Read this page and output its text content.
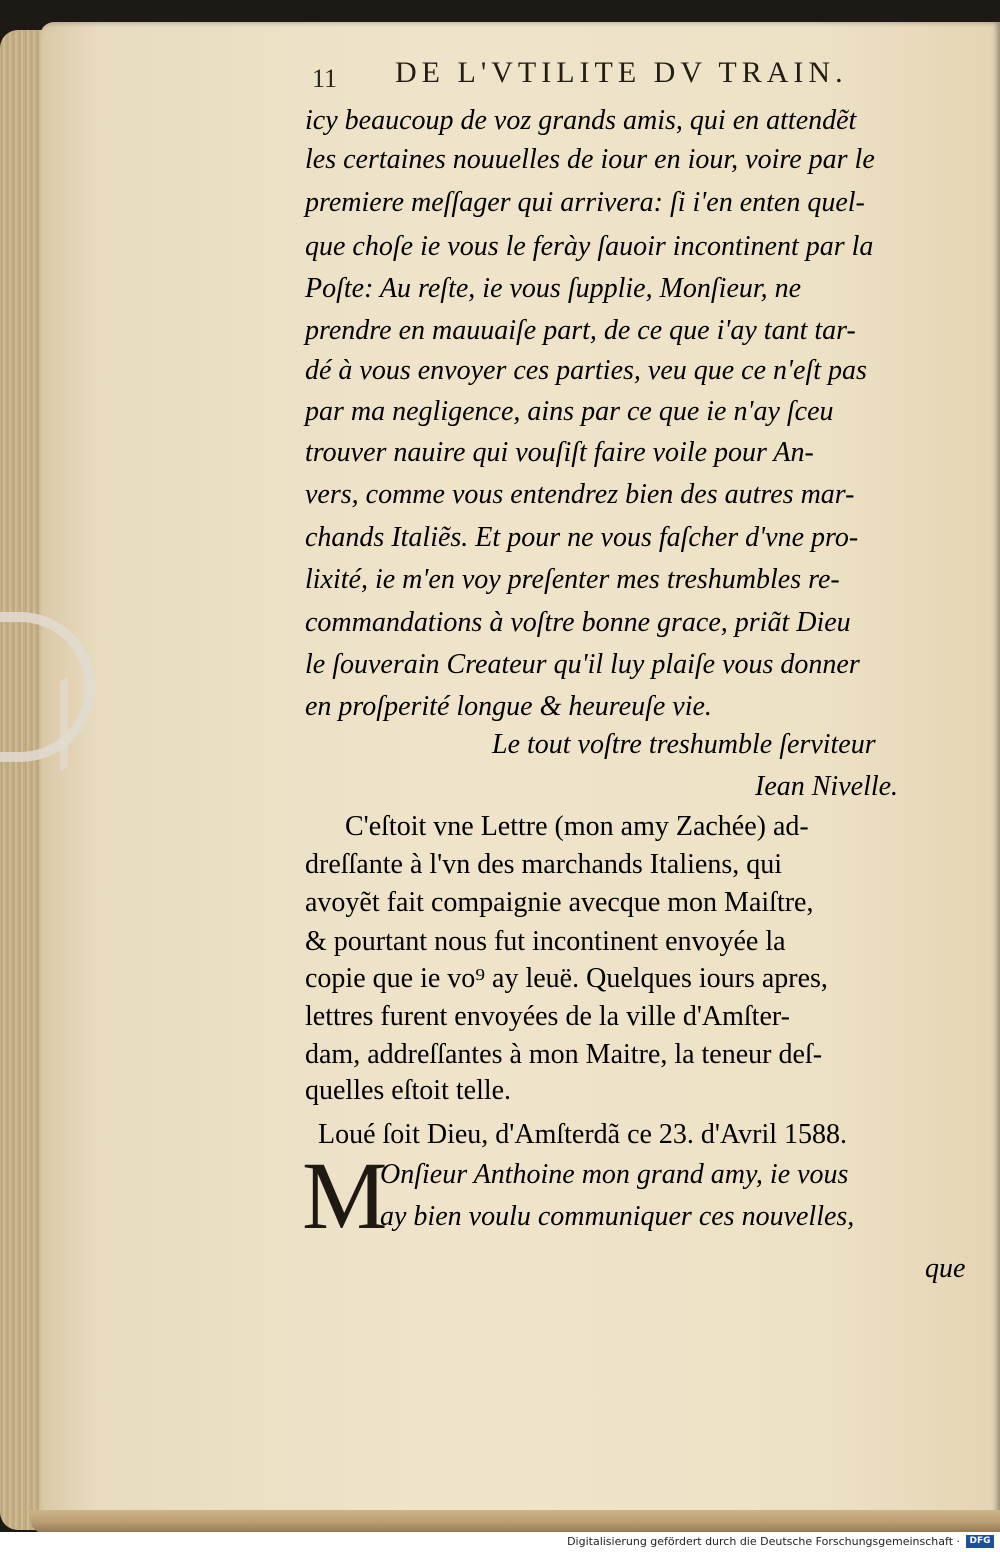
11 DE L'VTILITE DV TRAIN.
icy beaucoup de voz grands amis, qui en attendẽt
les certaines nouuelles de iour en iour, voire par le
premiere meſſager qui arrivera: ſi i'en enten quel-
que choſe ie vous le ferày ſauoir incontinent par la
Poſte: Au reſte, ie vous ſupplie, Monſieur, ne
prendre en mauuaiſe part, de ce que i'ay tant tar-
dé à vous envoyer ces parties, veu que ce n'eſt pas
par ma negligence, ains par ce que ie n'ay ſceu
trouver nauire qui vouſiſt faire voile pour An-
vers, comme vous entendrez bien des autres mar-
chands Italiẽs. Et pour ne vous faſcher d'vne pro-
lixité, ie m'en voy preſenter mes treshumbles re-
commandations à voſtre bonne grace, priãt Dieu
le ſouverain Createur qu'il luy plaiſe vous donner
en proſperité longue & heureuſe vie.
Le tout voſtre treshumble ſerviteur
Iean Nivelle.
C'eſtoit vne Lettre (mon amy Zachée) ad-
dreſſante à l'vn des marchands Italiens, qui
avoyẽt fait compaignie avecque mon Maiſtre,
& pourtant nous fut incontinent envoyée la
copie que ie vo⁹ ay leuë. Quelques iours apres,
lettres furent envoyées de la ville d'Amſter-
dam, addreſſantes à mon Maitre, la teneur deſ-
quelles eſtoit telle.
Loué ſoit Dieu, d'Amſterdã ce 23. d'Avril 1588.
M
Onſieur Anthoine mon grand amy, ie vous
ay bien voulu communiquer ces nouvelles,
que
Digitalisierung gefördert durch die Deutsche Forschungsgemeinschaft ·	DFG
